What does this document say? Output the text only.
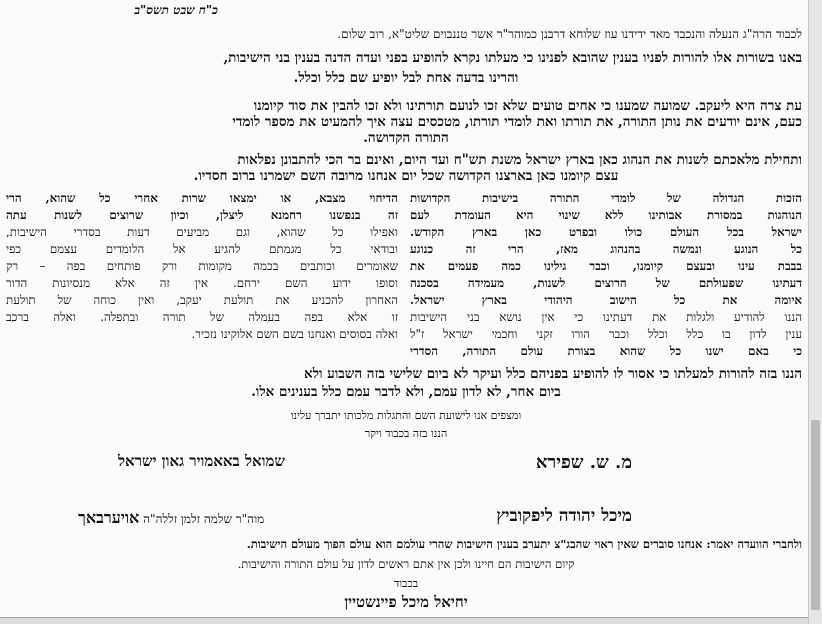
כ"ח שבט תשס"ב
לכבוד הרה"ג הנעלה והנכבד מאד ידידנו עוז שלוחא דרבנן כמוהר"ר אשר טננבוים שליט"א, רוב שלום.
באנו בשורות אלו להורות לפניו בענין שהובא לפנינו כי מעלתו נקרא להופיע בפני ועדה הדנה בענין בני הישיבות,
והרינו בדעה אחת לבל יופיע שם כלל וכלל.
עת צרה היא ליעקב. שמועה שמענו כי אחים טועים שלא זכו לנועם תורתינו ולא זכו להבין את סוד קיומנו
כעם, אינם יודעים את נותן התורה, את תורתו ואת לומדי תורתו, מטכסים עצה איך להמעיט את מספר לומדי
התורה הקדושה.
ותחילת מלאכתם לשנות את הנהוג כאן בארץ ישראל משנת תש"ח ועד היום, ואינם בר הכי להתבונן נפלאות
עצם קיומנו כאן בארצנו הקדושה שכל יום אנחנו מרובה השם ישמרנו ברוב חסדיו.
הזכות הגדולה של לומדי התורה בישיבות הקדושות
הנוהגות במסורת אבותינו ללא שינוי היא העומדת לעם
ישראל בכל העולם כולו ובפרט כאן בארץ הקודש.
כל הנוגע ונמשה בהנהוג מאז, הרי זה כנוגע
בבבת עינו ובעצם קיומנו, וכבר גילינו כמה פעמים את
דעתינו שפעולתם של הרוצים לשנות, מעמידה בסכנה
איומה את כל הישוב היהודי בארץ ישראל.
הננו להודיע ולגלות את דעתינו כי אין נושא בני הישיבות
ענין לדון בו כלל וכלל וכבר הורו זקני וחכמי ישראל ז"ל
כי באם ישנו כל שהוא בצורת עולם התורה, הסדרי
הדיחוי מצבא, או ימצאו שרות אחרי כל שהוא, הרי
זה בנפשנו רחמנא ליצלן, וכיון שרוצים לשנות עתה
ואפילו כל שהוא, וגם מביעים דעות בסדרי הישיבות,
ובודאי כל מגמתם להגיע אל הלומדים עצמם כפי
שאומרים וכותבים בכמה מקומות ורק פותחים בפה – רק
וסופו ידוע השם ירחם. אין זה אלא מנסיונות הדור
האחרון להכניע את תולעת יעקב, ואין כוחה של תולעת
זו אלא בפה בעמלה של תורה ובתפלה. ואלה ברכב
ואלה בסוסים ואנחנו בשם השם אלוקינו נזכיר.
הננו בזה להורות למעלתו כי אסור לו להופיע בפניהם כלל ועיקר לא ביום שלישי בזה השבוע ולא
ביום אחר, לא לדון עמם, ולא לדבר עמם כלל בענינים אלו.
ומצפים אנו לישועת השם והתגלות מלכותו יתברך עלינו
הננו בזה בכבוד ויקר
מ. ש. שפירא
שמואל באאמויר גאון ישראל
מיכל יהודה ליפקוביץ
מוה"ר שלמה זלמן זללה"ה אויערבאך
ולחברי הוועדה יאמר: אנחנו סוברים שאין ראוי שהבג"צ יתערב בענין הישיבות שהרי עולמם הוא עולם הפוך מעולם הישיבות.
קיום הישיבות הם חיינו ולכן אין אתם ראשים לדון על עולם התורה והישיבות.
בכבוד
יחיאל מיכל פיינשטיין
